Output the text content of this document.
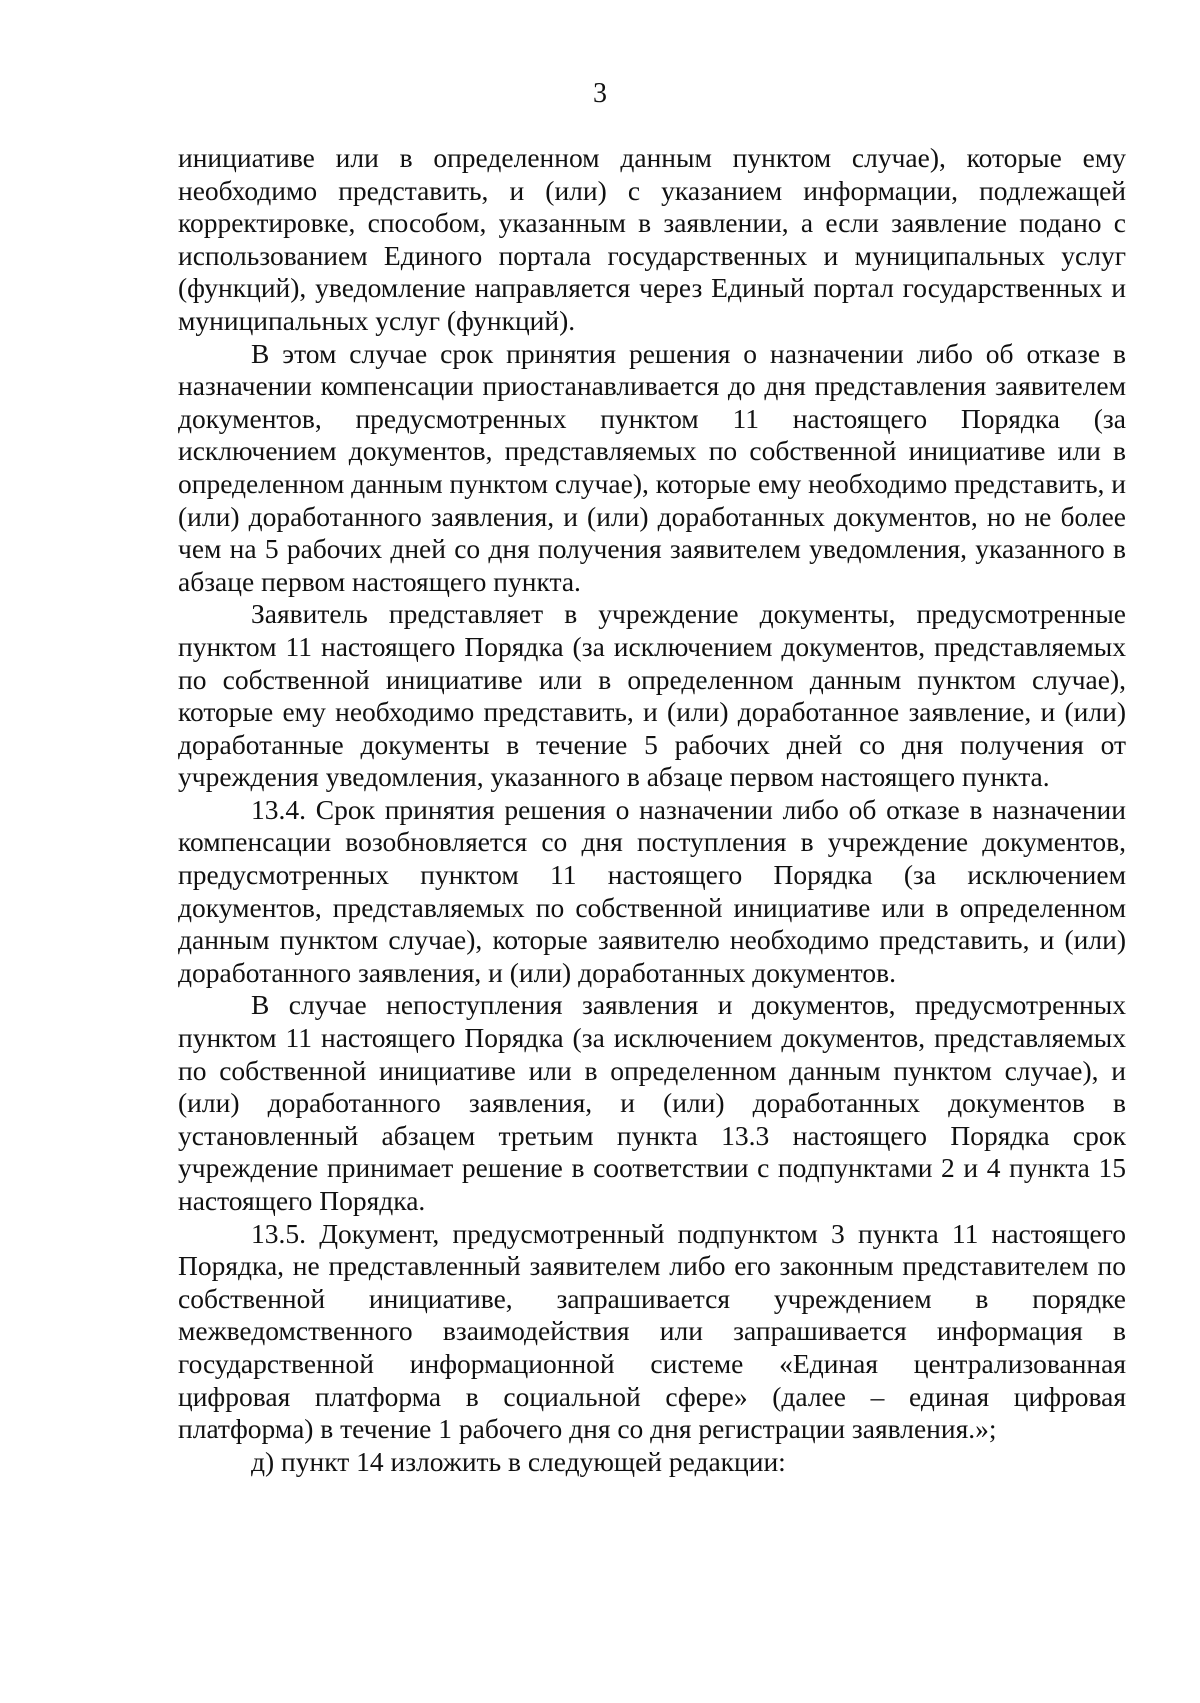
3

инициативе или в определенном данным пунктом случае), которые ему необходимо представить, и (или) с указанием информации, подлежащей корректировке, способом, указанным в заявлении, а если заявление подано с использованием Единого портала государственных и муниципальных услуг (функций), уведомление направляется через Единый портал государственных и муниципальных услуг (функций).

В этом случае срок принятия решения о назначении либо об отказе в назначении компенсации приостанавливается до дня представления заявителем документов, предусмотренных пунктом 11 настоящего Порядка (за исключением документов, представляемых по собственной инициативе или в определенном данным пунктом случае), которые ему необходимо представить, и (или) доработанного заявления, и (или) доработанных документов, но не более чем на 5 рабочих дней со дня получения заявителем уведомления, указанного в абзаце первом настоящего пункта.

Заявитель представляет в учреждение документы, предусмотренные пунктом 11 настоящего Порядка (за исключением документов, представляемых по собственной инициативе или в определенном данным пунктом случае), которые ему необходимо представить, и (или) доработанное заявление, и (или) доработанные документы в течение 5 рабочих дней со дня получения от учреждения уведомления, указанного в абзаце первом настоящего пункта.

13.4. Срок принятия решения о назначении либо об отказе в назначении компенсации возобновляется со дня поступления в учреждение документов, предусмотренных пунктом 11 настоящего Порядка (за исключением документов, представляемых по собственной инициативе или в определенном данным пунктом случае), которые заявителю необходимо представить, и (или) доработанного заявления, и (или) доработанных документов.

В случае непоступления заявления и документов, предусмотренных пунктом 11 настоящего Порядка (за исключением документов, представляемых по собственной инициативе или в определенном данным пунктом случае), и (или) доработанного заявления, и (или) доработанных документов в установленный абзацем третьим пункта 13.3 настоящего Порядка срок учреждение принимает решение в соответствии с подпунктами 2 и 4 пункта 15 настоящего Порядка.

13.5. Документ, предусмотренный подпунктом 3 пункта 11 настоящего Порядка, не представленный заявителем либо его законным представителем по собственной инициативе, запрашивается учреждением в порядке межведомственного взаимодействия или запрашивается информация в государственной информационной системе «Единая централизованная цифровая платформа в социальной сфере» (далее – единая цифровая платформа) в течение 1 рабочего дня со дня регистрации заявления.»;

д) пункт 14 изложить в следующей редакции:
